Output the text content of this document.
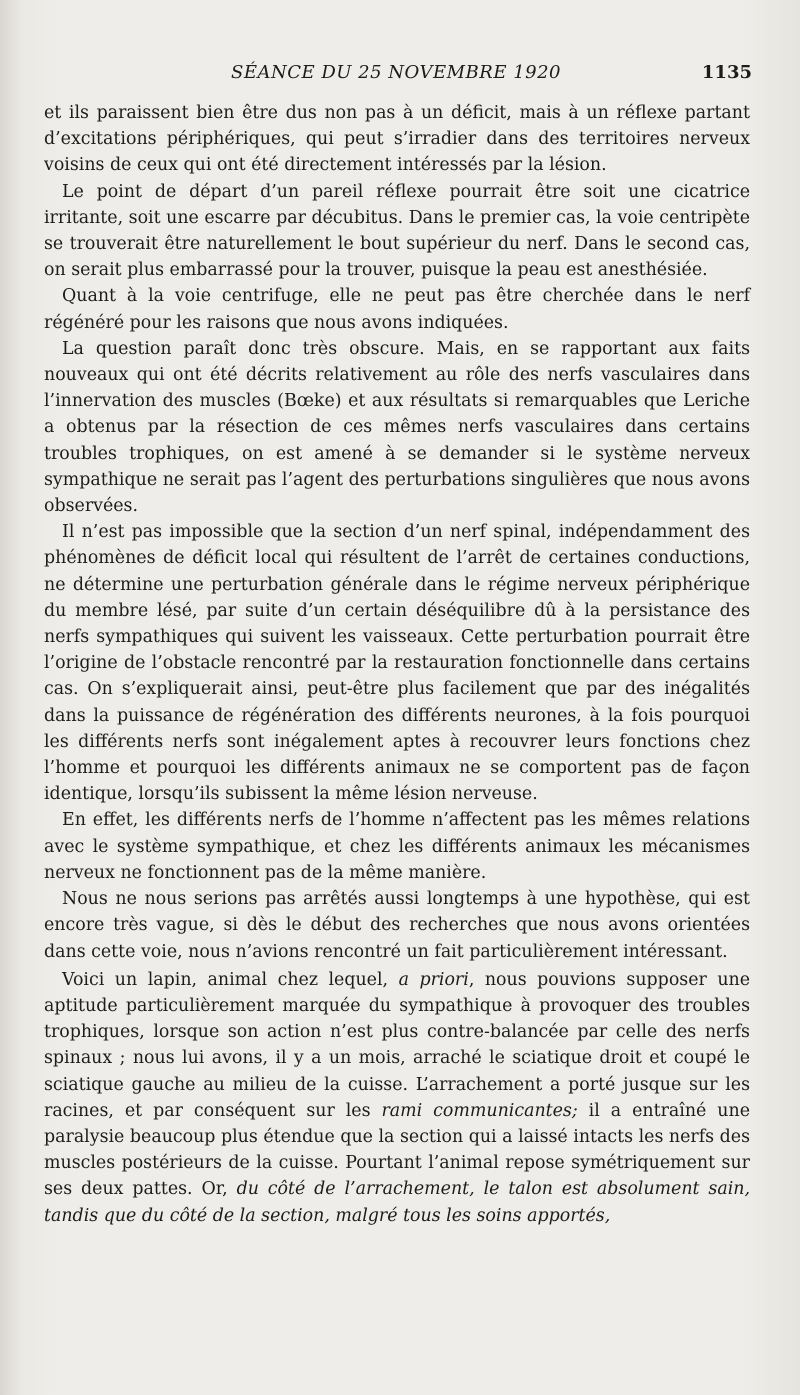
SÉANCE DU 25 NOVEMBRE 1920	1135

et ils paraissent bien être dus non pas à un déficit, mais à un réflexe partant d’excitations périphériques, qui peut s’irradier dans des territoires nerveux voisins de ceux qui ont été directement intéressés par la lésion.

Le point de départ d’un pareil réflexe pourrait être soit une cicatrice irritante, soit une escarre par décubitus. Dans le premier cas, la voie centripète se trouverait être naturellement le bout supérieur du nerf. Dans le second cas, on serait plus embarrassé pour la trouver, puisque la peau est anesthésiée.

Quant à la voie centrifuge, elle ne peut pas être cherchée dans le nerf régénéré pour les raisons que nous avons indiquées.

La question paraît donc très obscure. Mais, en se rapportant aux faits nouveaux qui ont été décrits relativement au rôle des nerfs vasculaires dans l’innervation des muscles (Bœke) et aux résultats si remarquables que Leriche a obtenus par la résection de ces mêmes nerfs vasculaires dans certains troubles trophiques, on est amené à se demander si le système nerveux sympathique ne serait pas l’agent des perturbations singulières que nous avons observées.

Il n’est pas impossible que la section d’un nerf spinal, indépendamment des phénomènes de déficit local qui résultent de l’arrêt de certaines conductions, ne détermine une perturbation générale dans le régime nerveux périphérique du membre lésé, par suite d’un certain déséquilibre dû à la persistance des nerfs sympathiques qui suivent les vaisseaux. Cette perturbation pourrait être l’origine de l’obstacle rencontré par la restauration fonctionnelle dans certains cas. On s’expliquerait ainsi, peut-être plus facilement que par des inégalités dans la puissance de régénération des différents neurones, à la fois pourquoi les différents nerfs sont inégalement aptes à recouvrer leurs fonctions chez l’homme et pourquoi les différents animaux ne se comportent pas de façon identique, lorsqu’ils subissent la même lésion nerveuse.

En effet, les différents nerfs de l’homme n’affectent pas les mêmes relations avec le système sympathique, et chez les différents animaux les mécanismes nerveux ne fonctionnent pas de la même manière.

Nous ne nous serions pas arrêtés aussi longtemps à une hypothèse, qui est encore très vague, si dès le début des recherches que nous avons orientées dans cette voie, nous n’avions rencontré un fait particulièrement intéressant.

Voici un lapin, animal chez lequel, a priori, nous pouvions supposer une aptitude particulièrement marquée du sympathique à provoquer des troubles trophiques, lorsque son action n’est plus contre-balancée par celle des nerfs spinaux ; nous lui avons, il y a un mois, arraché le sciatique droit et coupé le sciatique gauche au milieu de la cuisse. L’arrachement a porté jusque sur les racines, et par conséquent sur les rami communicantes; il a entraîné une paralysie beaucoup plus étendue que la section qui a laissé intacts les nerfs des muscles postérieurs de la cuisse. Pourtant l’animal repose symétriquement sur ses deux pattes. Or, du côté de l’arrachement, le talon est absolument sain, tandis que du côté de la section, malgré tous les soins apportés,
